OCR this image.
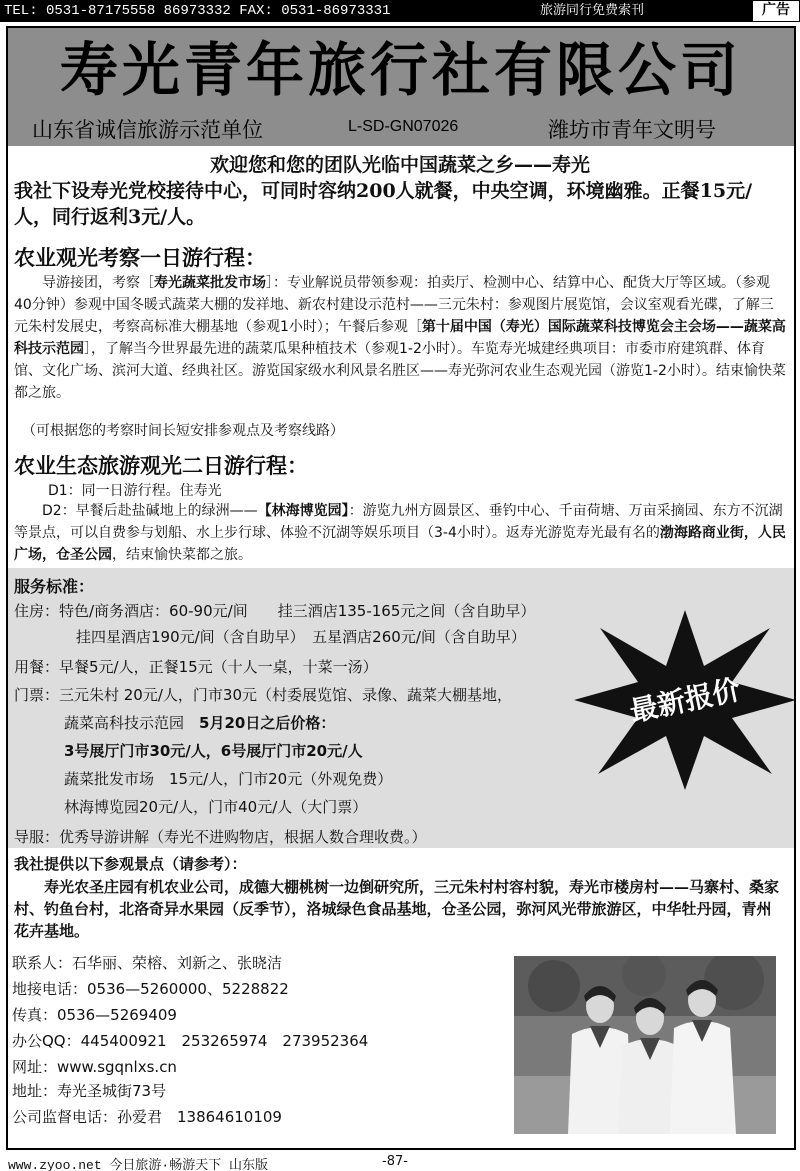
TEL: 0531-87175558 86973332 FAX: 0531-86973331	旅游同行免费索刊	广告
寿光青年旅行社有限公司
山东省诚信旅游示范单位	L-SD-GN07026	潍坊市青年文明号
欢迎您和您的团队光临中国蔬菜之乡——寿光
我社下设寿光党校接待中心，可同时容纳200人就餐，中央空调，环境幽雅。正餐15元/人，同行返利3元/人。
农业观光考察一日游行程：
导游接团，考察［寿光蔬菜批发市场］：专业解说员带领参观：拍卖厅、检测中心、结算中心、配货大厅等区域。（参观40分钟）参观中国冬暖式蔬菜大棚的发祥地、新农村建设示范村——三元朱村：参观图片展览馆，会议室观看光碟，了解三元朱村发展史，考察高标准大棚基地（参观1小时）；午餐后参观［第十届中国（寿光）国际蔬菜科技博览会主会场——蔬菜高科技示范园］，了解当今世界最先进的蔬菜瓜果种植技术（参观1-2小时）。车览寿光城建经典项目：市委市府建筑群、体育馆、文化广场、滨河大道、经典社区。游览国家级水利风景名胜区——寿光弥河农业生态观光园（游览1-2小时）。结束愉快菜都之旅。
（可根据您的考察时间长短安排参观点及考察线路）
农业生态旅游观光二日游行程：
D1：同一日游行程。住寿光
D2：早餐后赴盐碱地上的绿洲——【林海博览园】：游览九州方圆景区、垂钓中心、千亩荷塘、万亩采摘园、东方不沉湖等景点，可以自费参与划船、水上步行球、体验不沉湖等娱乐项目（3-4小时）。返寿光游览寿光最有名的渤海路商业街，人民广场，仓圣公园，结束愉快菜都之旅。
服务标准：
住房：特色/商务酒店：60-90元/间　　挂三酒店135-165元之间（含自助早）
挂四星酒店190元/间（含自助早）　五星酒店260元/间（含自助早）
用餐：早餐5元/人，正餐15元（十人一桌，十菜一汤）
门票：三元朱村 20元/人，门市30元（村委展览馆、录像、蔬菜大棚基地，
蔬菜高科技示范园　 5月20日之后价格：
3号展厅门市30元/人，6号展厅门市20元/人
蔬菜批发市场　15元/人，门市20元（外观免费）
林海博览园20元/人，门市40元/人（大门票）
导服：优秀导游讲解（寿光不进购物店，根据人数合理收费。）
最新报价
我社提供以下参观景点（请参考）：
寿光农圣庄园有机农业公司，成德大棚桃树一边倒研究所，三元朱村村容村貌，寿光市楼房村——马寨村、桑家村、钓鱼台村，北洛奇异水果园（反季节），洛城绿色食品基地，仓圣公园，弥河风光带旅游区，中华牡丹园，青州花卉基地。
联系人：石华丽、荣榕、刘新之、张晓洁
地接电话：0536—5260000、5228822
传真：0536—5269409
办公QQ：445400921　253265974　273952364
网址：www.sgqnlxs.cn
地址：寿光圣城街73号
公司监督电话：孙爱君　13864610109
www.zyoo.net 今日旅游·畅游天下 山东版	-87-
